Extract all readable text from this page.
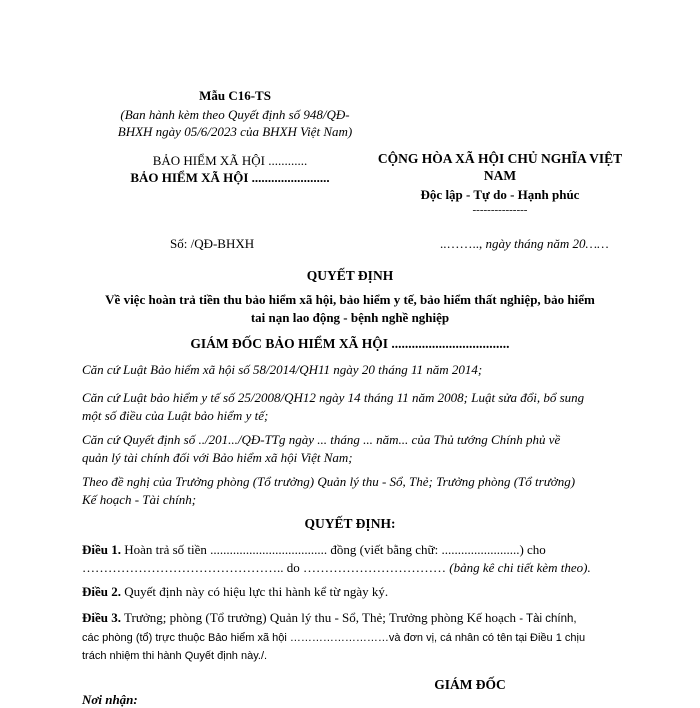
Mẫu C16-TS
(Ban hành kèm theo Quyết định số 948/QĐ-
BHXH ngày 05/6/2023 của BHXH Việt Nam)
BẢO HIỂM XÃ HỘI ............
BẢO HIỂM XÃ HỘI ........................
CỘNG HÒA XÃ HỘI CHỦ NGHĨA VIỆT
NAM
Độc lập - Tự do - Hạnh phúc
---------------
Số: /QĐ-BHXH	..…….., ngày tháng năm 20……
QUYẾT ĐỊNH
Về việc hoàn trả tiền thu bảo hiểm xã hội, bảo hiểm y tế, bảo hiểm thất nghiệp, bảo hiểm
tai nạn lao động - bệnh nghề nghiệp
GIÁM ĐỐC BẢO HIỂM XÃ HỘI ...................................
Căn cứ Luật Bảo hiểm xã hội số 58/2014/QH11 ngày 20 tháng 11 năm 2014;
Căn cứ Luật bảo hiểm y tế số 25/2008/QH12 ngày 14 tháng 11 năm 2008; Luật sửa đổi, bổ sung
một số điều của Luật bảo hiểm y tế;
Căn cứ Quyết định số ../201.../QĐ-TTg ngày ... tháng ... năm... của Thủ tướng Chính phủ về
quản lý tài chính đối với Bảo hiểm xã hội Việt Nam;
Theo đề nghị của Trưởng phòng (Tổ trưởng) Quản lý thu - Sổ, Thẻ; Trưởng phòng (Tổ trưởng)
Kế hoạch - Tài chính;
QUYẾT ĐỊNH:
Điều 1. Hoàn trả số tiền .................................... đồng (viết bằng chữ: ........................) cho
……………………………………….. do …………………………… (bảng kê chi tiết kèm theo).
Điều 2. Quyết định này có hiệu lực thi hành kể từ ngày ký.
Điều 3. Trưởng; phòng (Tổ trưởng) Quản lý thu - Sổ, Thẻ; Trưởng phòng Kế hoạch - Tài chính,
các phòng (tổ) trực thuộc Bảo hiểm xã hội ………………………và đơn vị, cá nhân có tên tại Điều 1 chịu
trách nhiệm thi hành Quyết định này./.
GIÁM ĐỐC
Nơi nhận:
